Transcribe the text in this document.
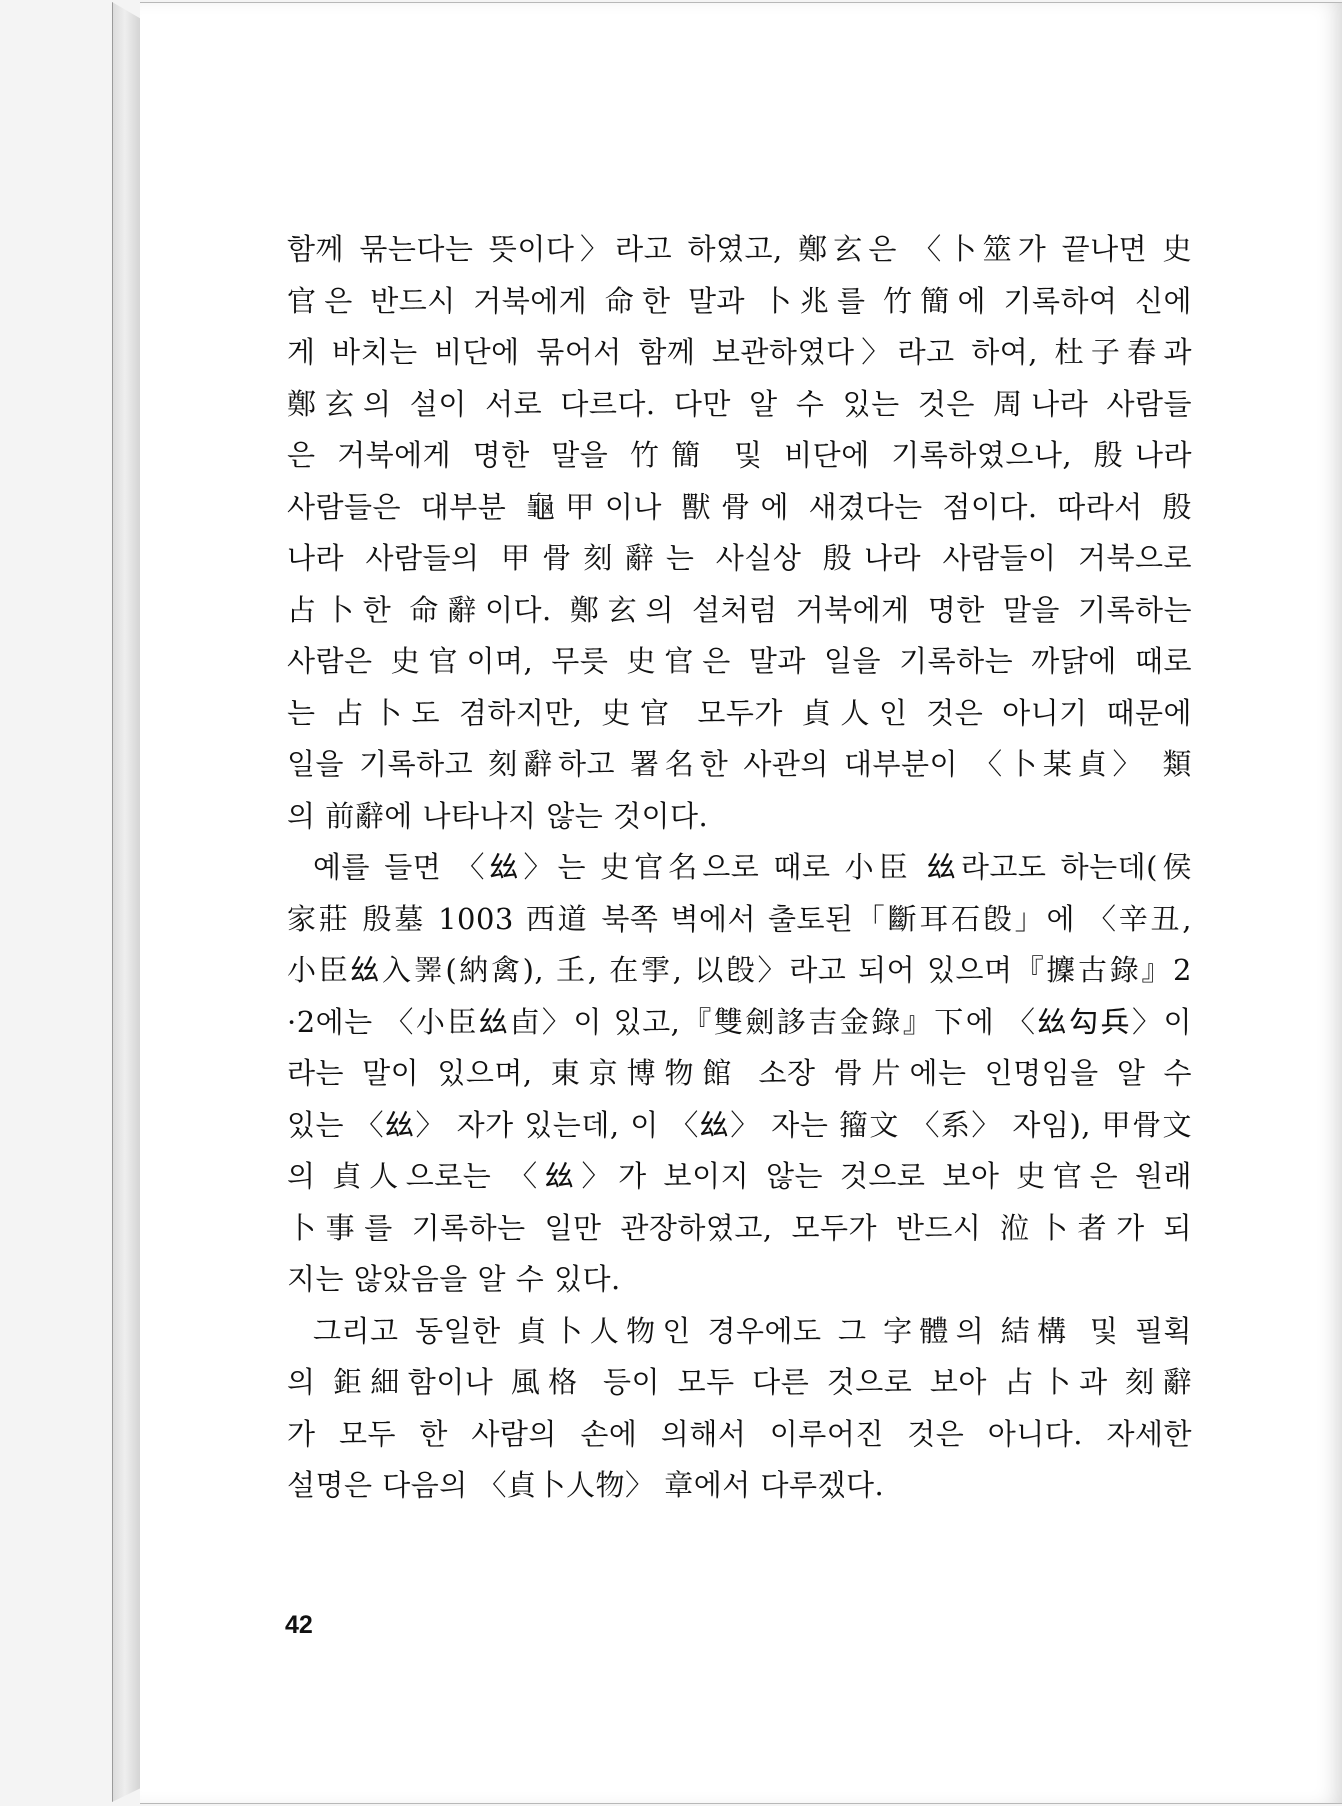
함께 묶는다는 뜻이다〉라고 하였고, 鄭玄은 〈卜筮가 끝나면 史
官은 반드시 거북에게 命한 말과 卜兆를 竹簡에 기록하여 신에
게 바치는 비단에 묶어서 함께 보관하였다〉라고 하여, 杜子春과
鄭玄의 설이 서로 다르다. 다만 알 수 있는 것은 周나라 사람들
은 거북에게 명한 말을 竹簡 및 비단에 기록하였으나, 殷나라
사람들은 대부분 龜甲이나 獸骨에 새겼다는 점이다. 따라서 殷
나라 사람들의 甲骨刻辭는 사실상 殷나라 사람들이 거북으로
占卜한 命辭이다. 鄭玄의 설처럼 거북에게 명한 말을 기록하는
사람은 史官이며, 무릇 史官은 말과 일을 기록하는 까닭에 때로
는 占卜도 겸하지만, 史官 모두가 貞人인 것은 아니기 때문에
일을 기록하고 刻辭하고 署名한 사관의 대부분이 〈卜某貞〉 類
의 前辭에 나타나지 않는 것이다.
예를 들면 〈𢆶〉는 史官名으로 때로 小臣 𢆶라고도 하는데(侯
家莊 殷墓 1003 西道 북쪽 벽에서 출토된「斷耳石𣪘」에 〈辛丑,
小臣𢆶入𢍰(納禽), 𡈼, 在𩁹, 以𣪘〉라고 되어 있으며『攈古錄』2
·2에는 〈小臣𢆶卣〉이 있고,『雙劍誃吉金錄』下에 〈𢆶勾兵〉이
라는 말이 있으며, 東京博物館 소장 骨片에는 인명임을 알 수
있는 〈𢆶〉 자가 있는데, 이 〈𢆶〉 자는 籀文 〈系〉 자임), 甲骨文
의 貞人으로는 〈𢆶〉가 보이지 않는 것으로 보아 史官은 원래
卜事를 기록하는 일만 관장하였고, 모두가 반드시 涖卜者가 되
지는 않았음을 알 수 있다.
그리고 동일한 貞卜人物인 경우에도 그 字體의 結構 및 필획
의 鉅細함이나 風格 등이 모두 다른 것으로 보아 占卜과 刻辭
가 모두 한 사람의 손에 의해서 이루어진 것은 아니다. 자세한
설명은 다음의 〈貞卜人物〉 章에서 다루겠다.
42
